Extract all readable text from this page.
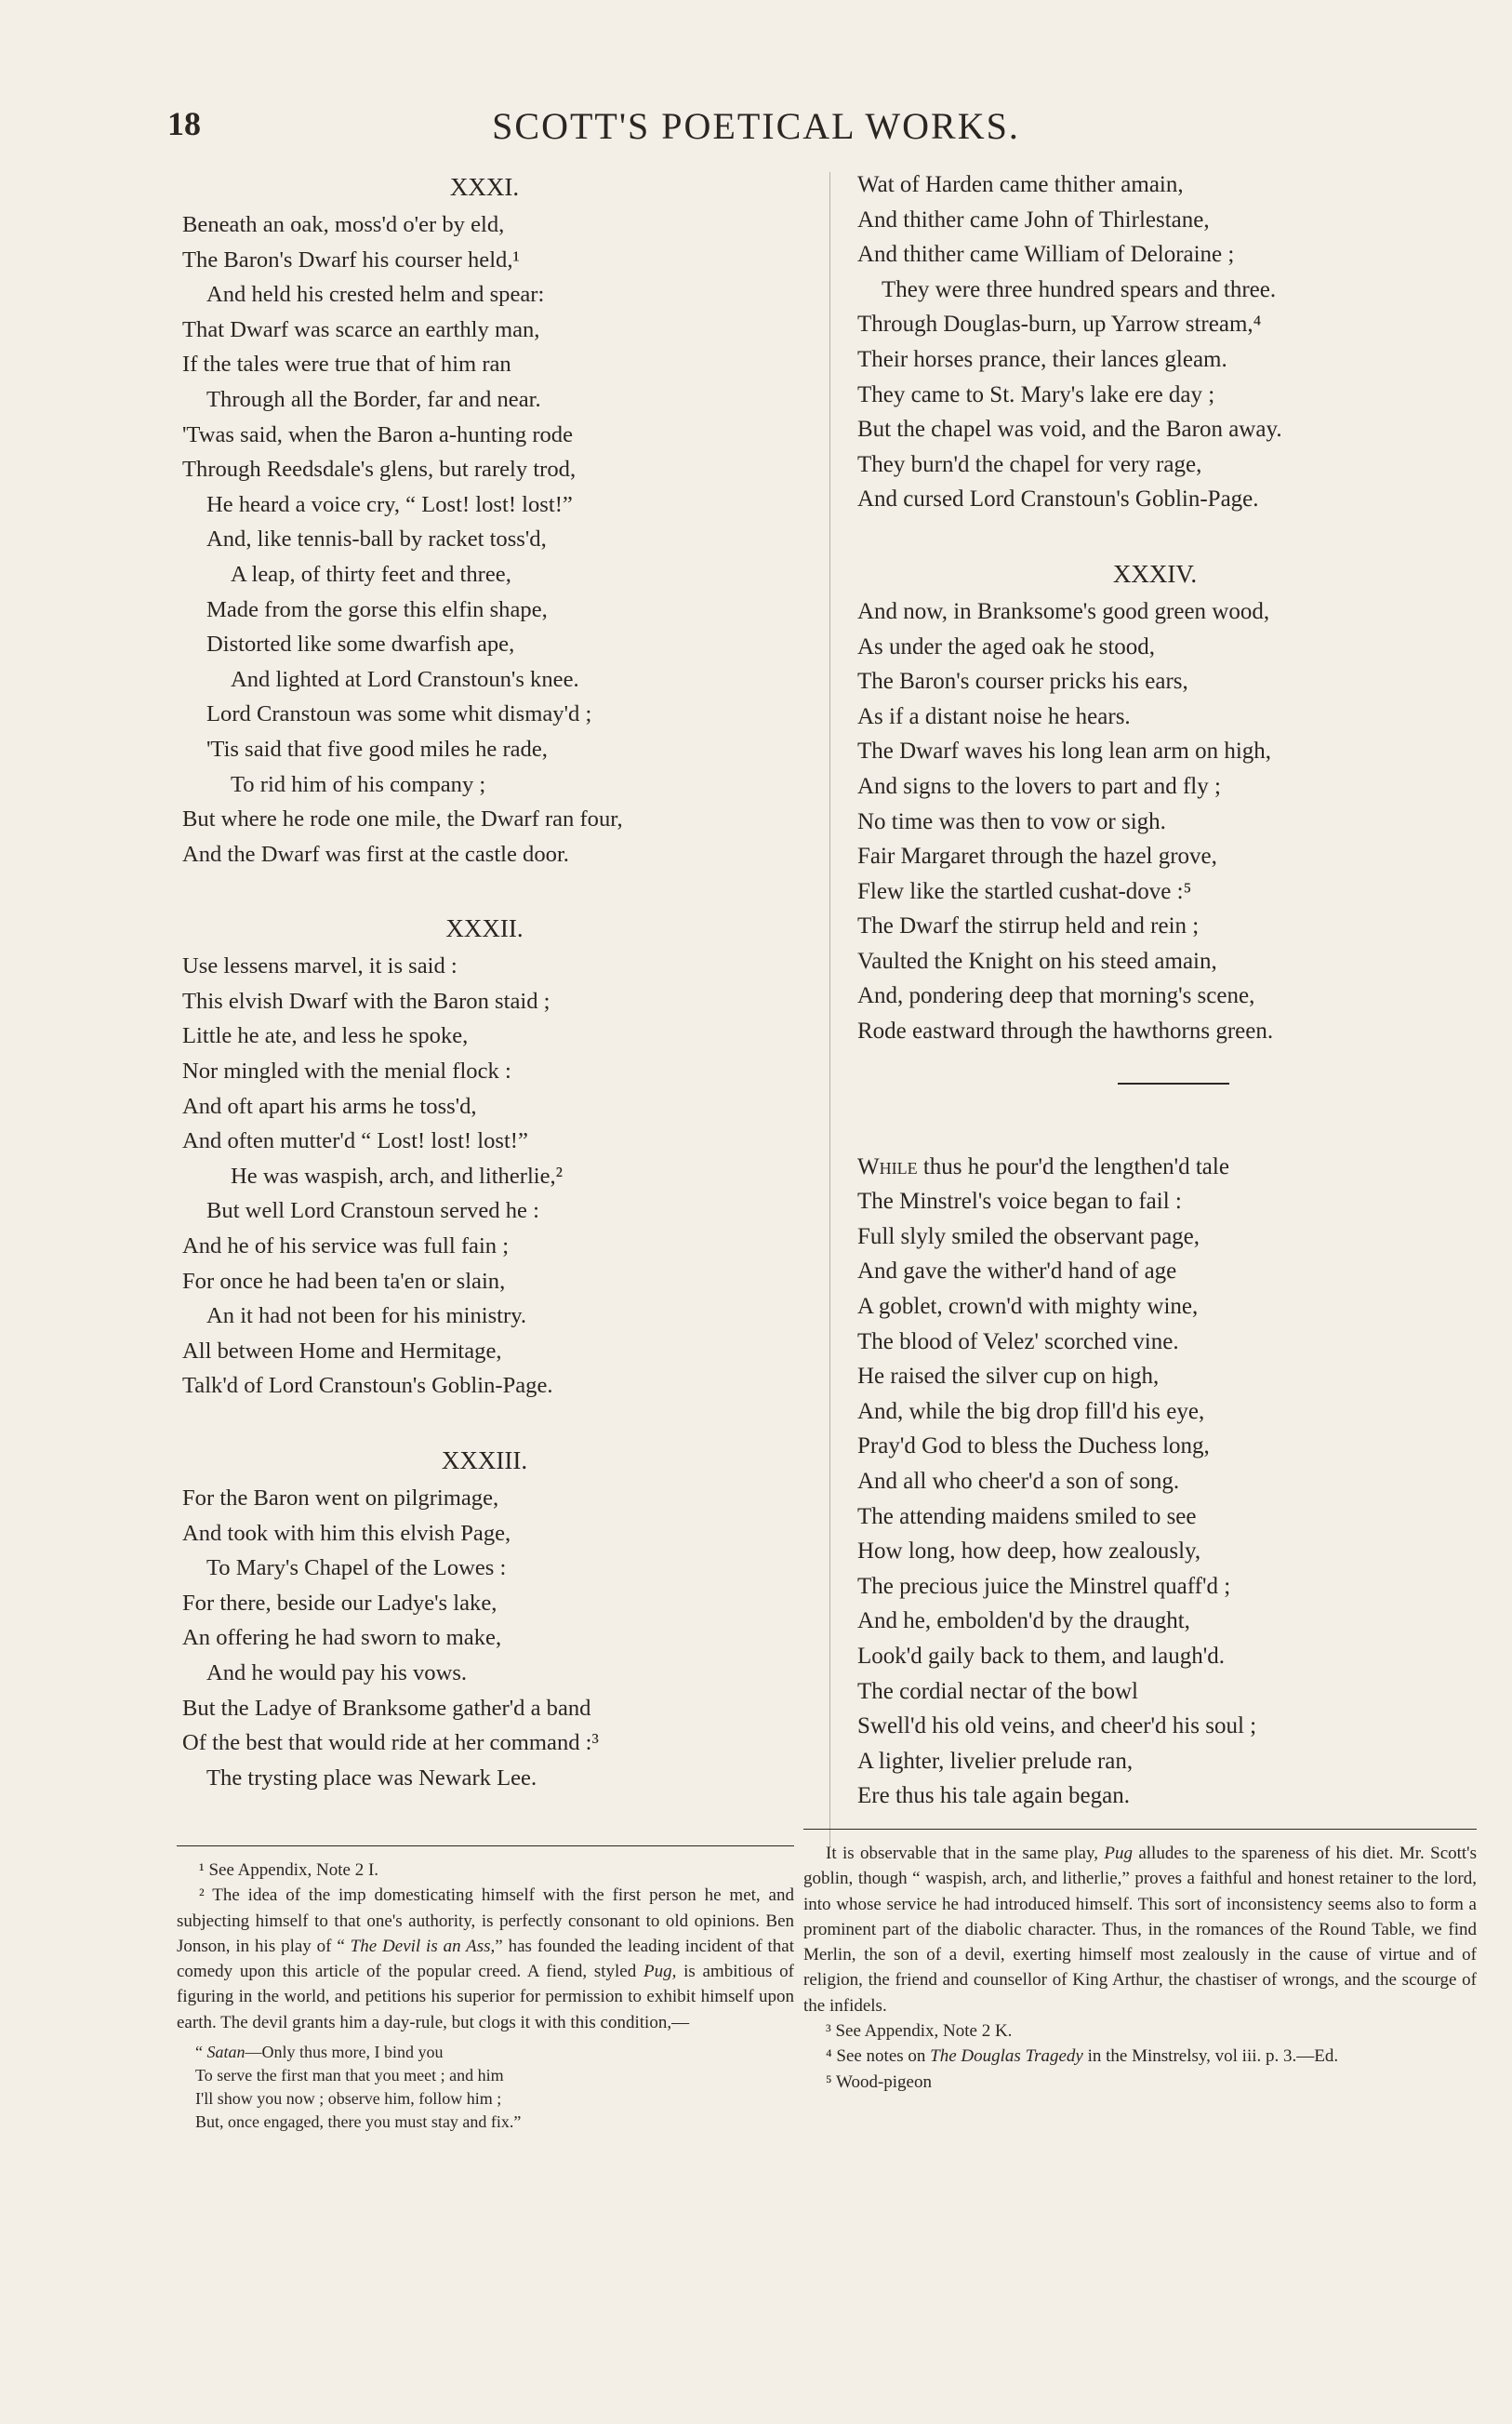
18	SCOTT'S POETICAL WORKS.
XXXI.
Beneath an oak, moss'd o'er by eld,
The Baron's Dwarf his courser held,¹
And held his crested helm and spear:
That Dwarf was scarce an earthly man,
If the tales were true that of him ran
Through all the Border, far and near.
'Twas said, when the Baron a-hunting rode
Through Reedsdale's glens, but rarely trod,
He heard a voice cry, “ Lost! lost! lost!”
And, like tennis-ball by racket toss'd,
A leap, of thirty feet and three,
Made from the gorse this elfin shape,
Distorted like some dwarfish ape,
And lighted at Lord Cranstoun's knee.
Lord Cranstoun was some whit dismay'd ;
'Tis said that five good miles he rade,
To rid him of his company ;
But where he rode one mile, the Dwarf ran four,
And the Dwarf was first at the castle door.
XXXII.
Use lessens marvel, it is said :
This elvish Dwarf with the Baron staid ;
Little he ate, and less he spoke,
Nor mingled with the menial flock :
And oft apart his arms he toss'd,
And often mutter'd “ Lost! lost! lost!”
He was waspish, arch, and litherlie,²
But well Lord Cranstoun served he :
And he of his service was full fain ;
For once he had been ta'en or slain,
An it had not been for his ministry.
All between Home and Hermitage,
Talk'd of Lord Cranstoun's Goblin-Page.
XXXIII.
For the Baron went on pilgrimage,
And took with him this elvish Page,
To Mary's Chapel of the Lowes :
For there, beside our Ladye's lake,
An offering he had sworn to make,
And he would pay his vows.
But the Ladye of Branksome gather'd a band
Of the best that would ride at her command :³
The trysting place was Newark Lee.
Wat of Harden came thither amain,
And thither came John of Thirlestane,
And thither came William of Deloraine ;
They were three hundred spears and three.
Through Douglas-burn, up Yarrow stream,⁴
Their horses prance, their lances gleam.
They came to St. Mary's lake ere day ;
But the chapel was void, and the Baron away.
They burn'd the chapel for very rage,
And cursed Lord Cranstoun's Goblin-Page.
XXXIV.
And now, in Branksome's good green wood,
As under the aged oak he stood,
The Baron's courser pricks his ears,
As if a distant noise he hears.
The Dwarf waves his long lean arm on high,
And signs to the lovers to part and fly ;
No time was then to vow or sigh.
Fair Margaret through the hazel grove,
Flew like the startled cushat-dove :⁵
The Dwarf the stirrup held and rein ;
Vaulted the Knight on his steed amain,
And, pondering deep that morning's scene,
Rode eastward through the hawthorns green.
While thus he pour'd the lengthen'd tale
The Minstrel's voice began to fail :
Full slyly smiled the observant page,
And gave the wither'd hand of age
A goblet, crown'd with mighty wine,
The blood of Velez' scorched vine.
He raised the silver cup on high,
And, while the big drop fill'd his eye,
Pray'd God to bless the Duchess long,
And all who cheer'd a son of song.
The attending maidens smiled to see
How long, how deep, how zealously,
The precious juice the Minstrel quaff'd ;
And he, embolden'd by the draught,
Look'd gaily back to them, and laugh'd.
The cordial nectar of the bowl
Swell'd his old veins, and cheer'd his soul ;
A lighter, livelier prelude ran,
Ere thus his tale again began.

¹ See Appendix, Note 2 I.

² The idea of the imp domesticating himself with the first person he met, and subjecting himself to that one's authority, is perfectly consonant to old opinions. Ben Jonson, in his play of “ The Devil is an Ass,” has founded the leading incident of that comedy upon this article of the popular creed. A fiend, styled Pug, is ambitious of figuring in the world, and petitions his superior for permission to exhibit himself upon earth. The devil grants him a day-rule, but clogs it with this condition,—

“ Satan—Only thus more, I bind you

To serve the first man that you meet ; and him

I'll show you now ; observe him, follow him ;

But, once engaged, there you must stay and fix.”

It is observable that in the same play, Pug alludes to the spareness of his diet. Mr. Scott's goblin, though “ waspish, arch, and litherlie,” proves a faithful and honest retainer to the lord, into whose service he had introduced himself. This sort of inconsistency seems also to form a prominent part of the diabolic character. Thus, in the romances of the Round Table, we find Merlin, the son of a devil, exerting himself most zealously in the cause of virtue and of religion, the friend and counsellor of King Arthur, the chastiser of wrongs, and the scourge of the infidels.

³ See Appendix, Note 2 K.

⁴ See notes on The Douglas Tragedy in the Minstrelsy, vol iii. p. 3.—Ed.

⁵ Wood-pigeon
